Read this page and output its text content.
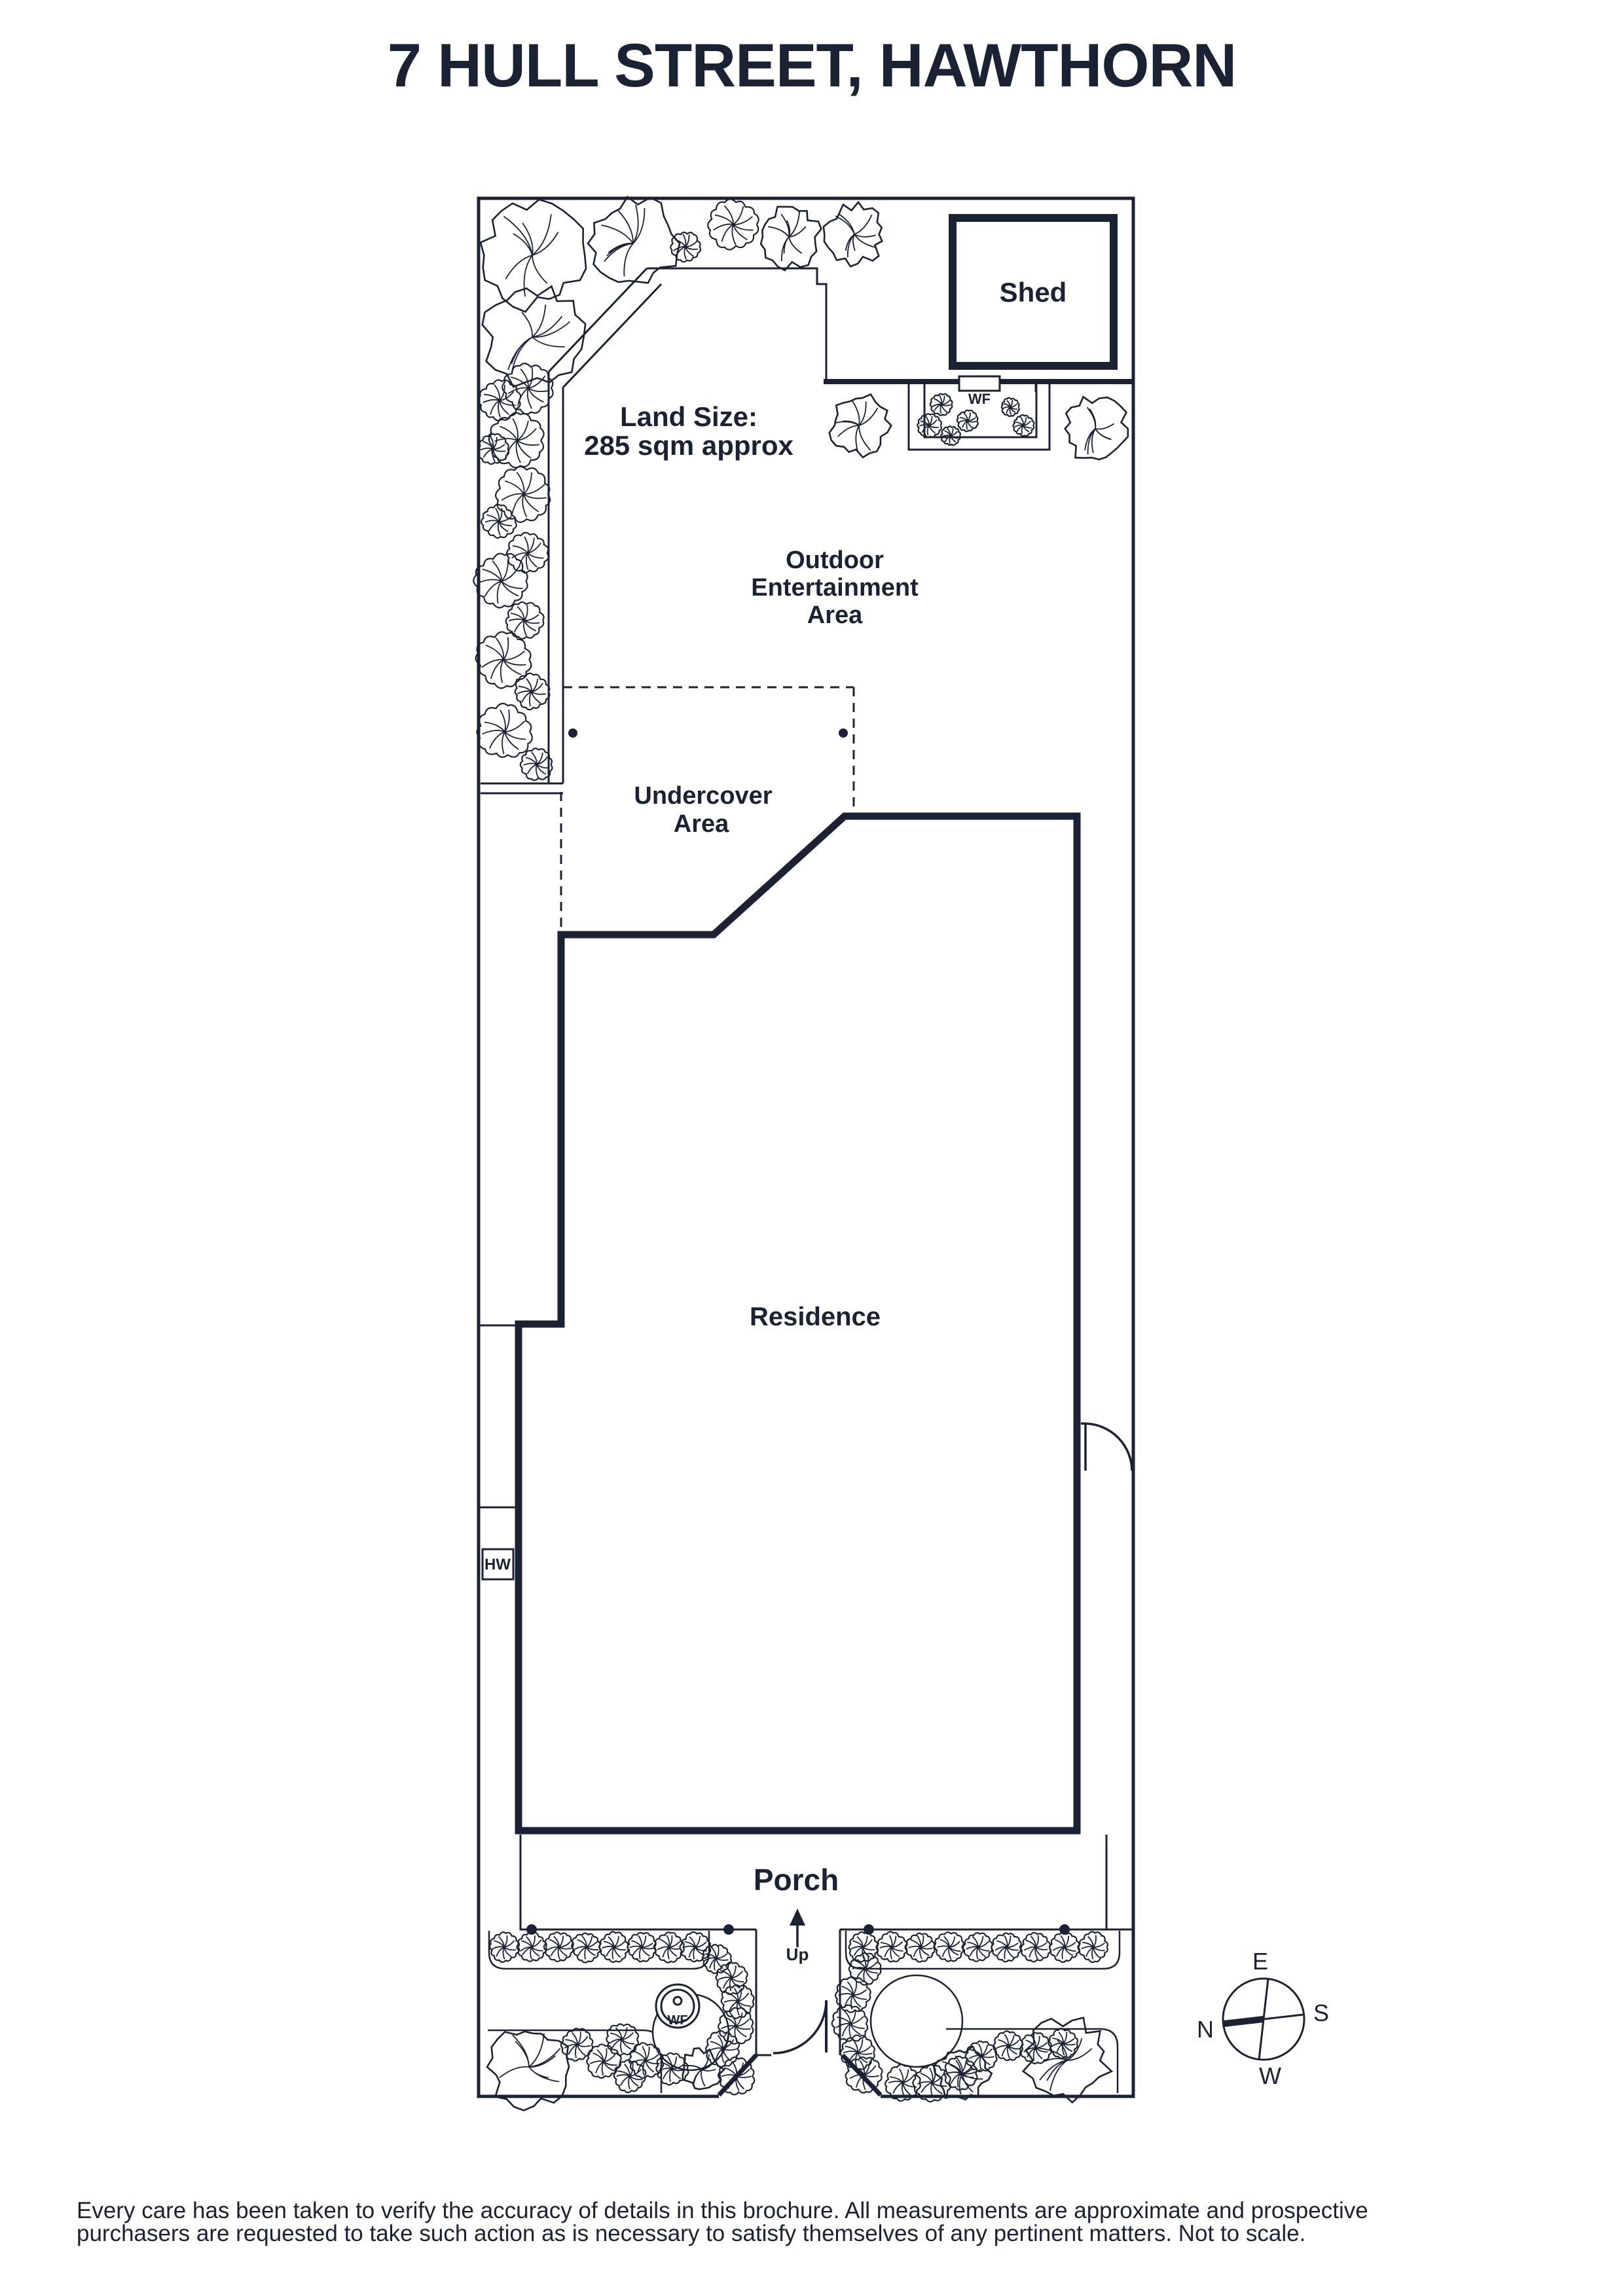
7 HULL STREET, HAWTHORN
Shed
Land Size:
285 sqm approx
Outdoor
Entertainment
Area
Undercover
Area
Residence
Porch
Up
WF
WF
HW
E
S
N
W
Every care has been taken to verify the accuracy of details in this brochure. All measurements are approximate and prospective
purchasers are requested to take such action as is necessary to satisfy themselves of any pertinent matters. Not to scale.
